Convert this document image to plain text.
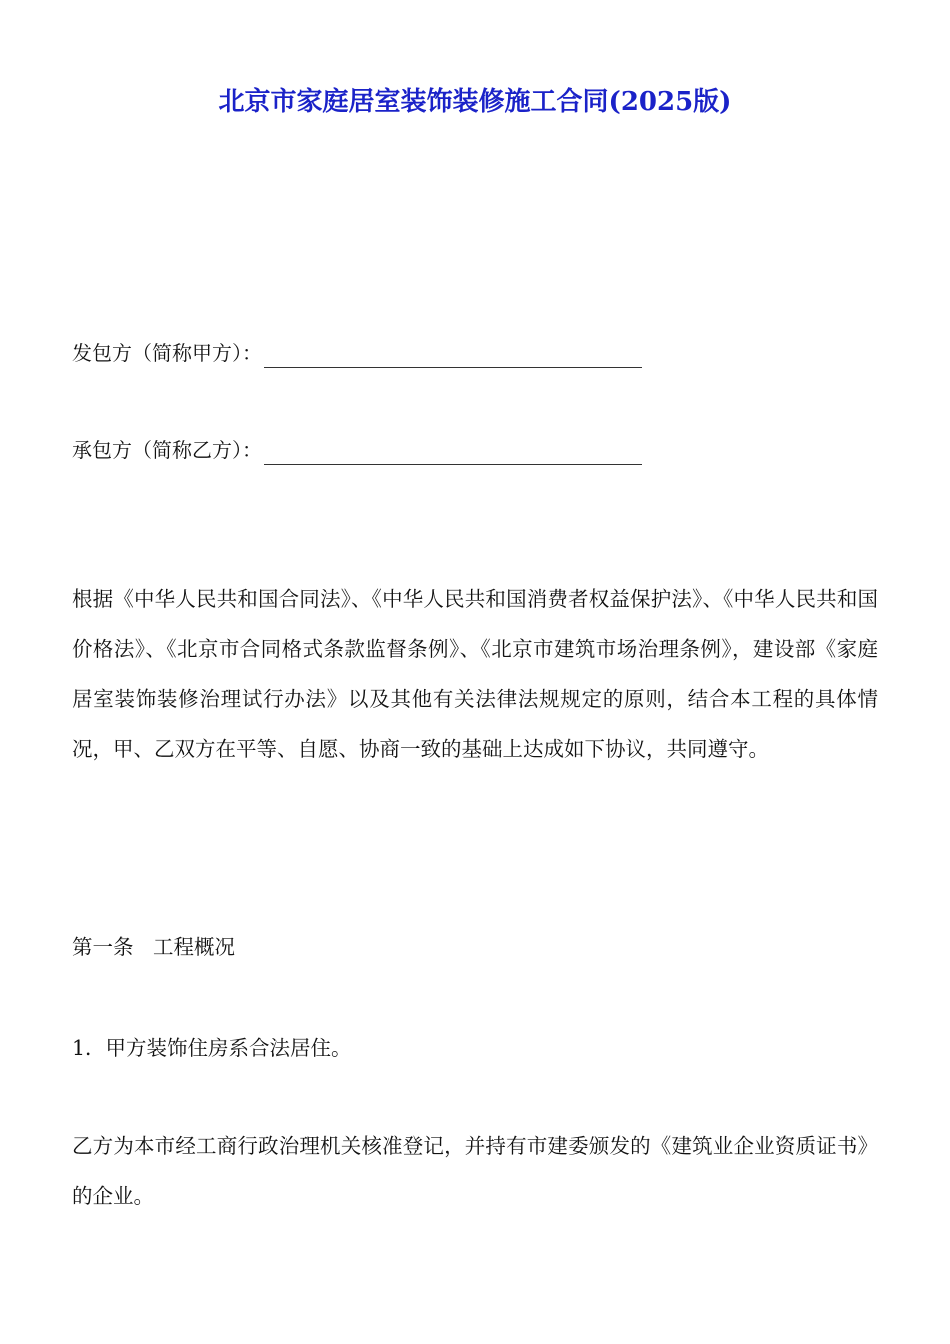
北京市家庭居室装饰装修施工合同(2025版)
发包方（简称甲方）：
承包方（简称乙方）：
根据《中华人民共和国合同法》、《中华人民共和国消费者权益保护法》、《中华人民共和国价格法》、《北京市合同格式条款监督条例》、《北京市建筑市场治理条例》，建设部《家庭居室装饰装修治理试行办法》以及其他有关法律法规规定的原则，结合本工程的具体情况，甲、乙双方在平等、自愿、协商一致的基础上达成如下协议，共同遵守。
第一条   工程概况
1．甲方装饰住房系合法居住。
乙方为本市经工商行政治理机关核准登记，并持有市建委颁发的《建筑业企业资质证书》的企业。
